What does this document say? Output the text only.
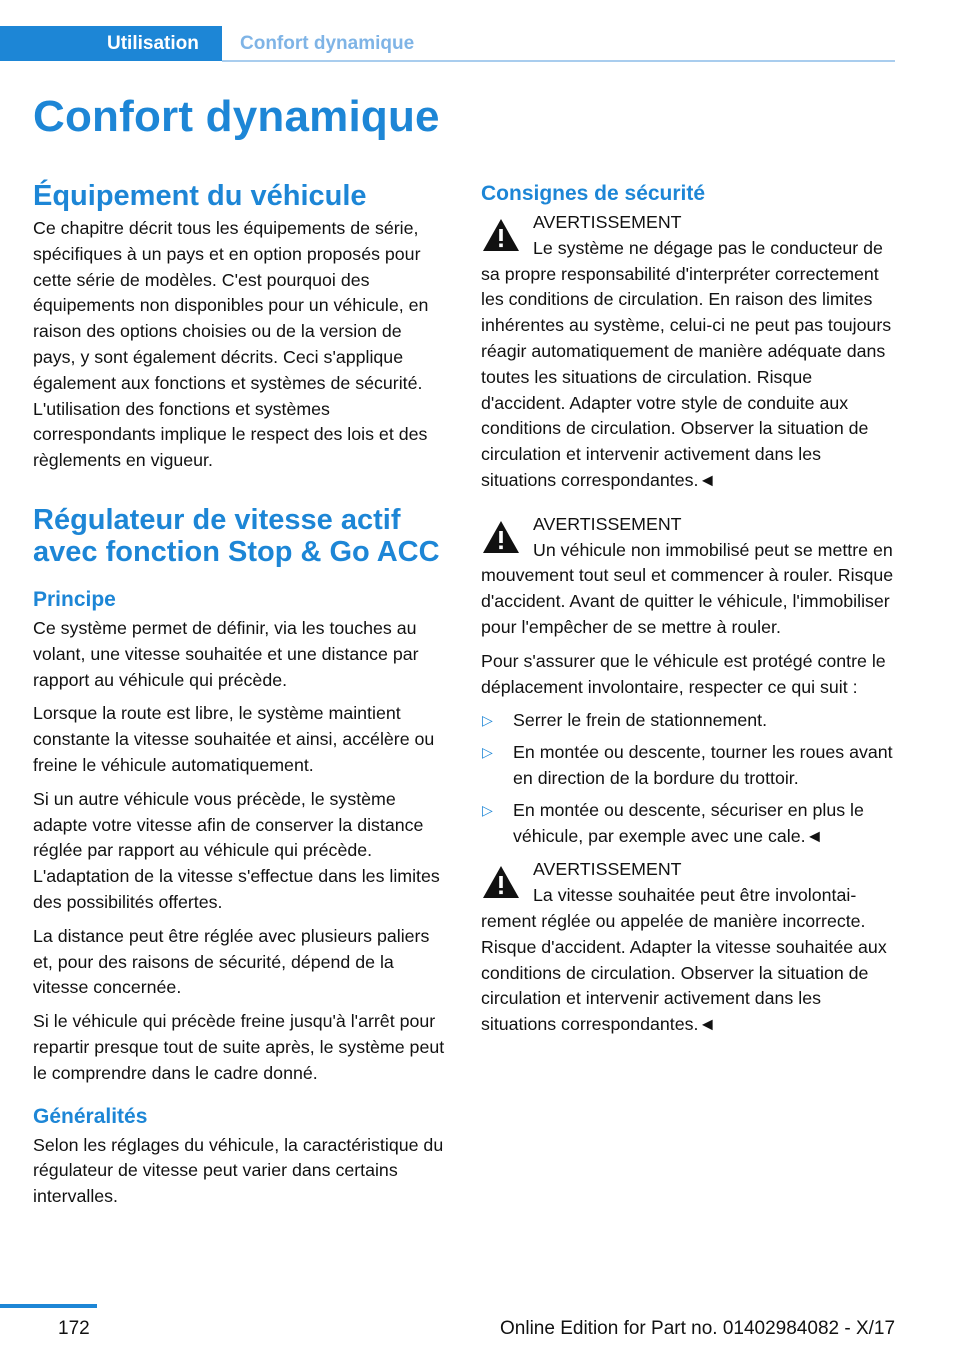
Utilisation	Confort dynamique
Confort dynamique
Équipement du véhicule

Ce chapitre décrit tous les équipements de série, spécifiques à un pays et en option proposés pour cette série de modèles. C'est pourquoi des équipements non disponibles pour un véhicule, en raison des options choisies ou de la version de pays, y sont également décrits. Ceci s'applique également aux fonctions et systèmes de sécurité. L'utilisation des fonctions et systèmes correspondants implique le respect des lois et des règlements en vigueur.

Régulateur de vitesse actif avec fonction Stop & Go ACC
Principe

Ce système permet de définir, via les touches au volant, une vitesse souhaitée et une distance par rapport au véhicule qui précède.

Lorsque la route est libre, le système maintient constante la vitesse souhaitée et ainsi, accélère ou freine le véhicule automatiquement.

Si un autre véhicule vous précède, le système adapte votre vitesse afin de conserver la distance réglée par rapport au véhicule qui précède. L'adaptation de la vitesse s'effectue dans les limites des possibilités offertes.

La distance peut être réglée avec plusieurs paliers et, pour des raisons de sécurité, dépend de la vitesse concernée.

Si le véhicule qui précède freine jusqu'à l'arrêt pour repartir presque tout de suite après, le système peut le comprendre dans le cadre donné.

Généralités

Selon les réglages du véhicule, la caractéristique du régulateur de vitesse peut varier dans certains intervalles.

Consignes de sécurité
AVERTISSEMENT
Le système ne dégage pas le conducteur de sa propre responsabilité d'interpréter correctement les conditions de circulation. En raison des limites inhérentes au système, celui-ci ne peut pas toujours réagir automatiquement de manière adéquate dans toutes les situations de circulation. Risque d'accident. Adapter votre style de conduite aux conditions de circulation. Observer la situation de circulation et intervenir activement dans les situations correspondantes.◄
AVERTISSEMENT
Un véhicule non immobilisé peut se mettre en mouvement tout seul et commencer à rouler. Risque d'accident. Avant de quitter le véhicule, l'immobiliser pour l'empêcher de se mettre à rouler.

Pour s'assurer que le véhicule est protégé contre le déplacement involontaire, respecter ce qui suit :

▷ Serrer le frein de stationnement.
▷ En montée ou descente, tourner les roues avant en direction de la bordure du trottoir.
▷ En montée ou descente, sécuriser en plus le véhicule, par exemple avec une cale.◄
AVERTISSEMENT
La vitesse souhaitée peut être involontairement réglée ou appelée de manière incorrecte. Risque d'accident. Adapter la vitesse souhaitée aux conditions de circulation. Observer la situation de circulation et intervenir activement dans les situations correspondantes.◄
172	Online Edition for Part no. 01402984082 - X/17
